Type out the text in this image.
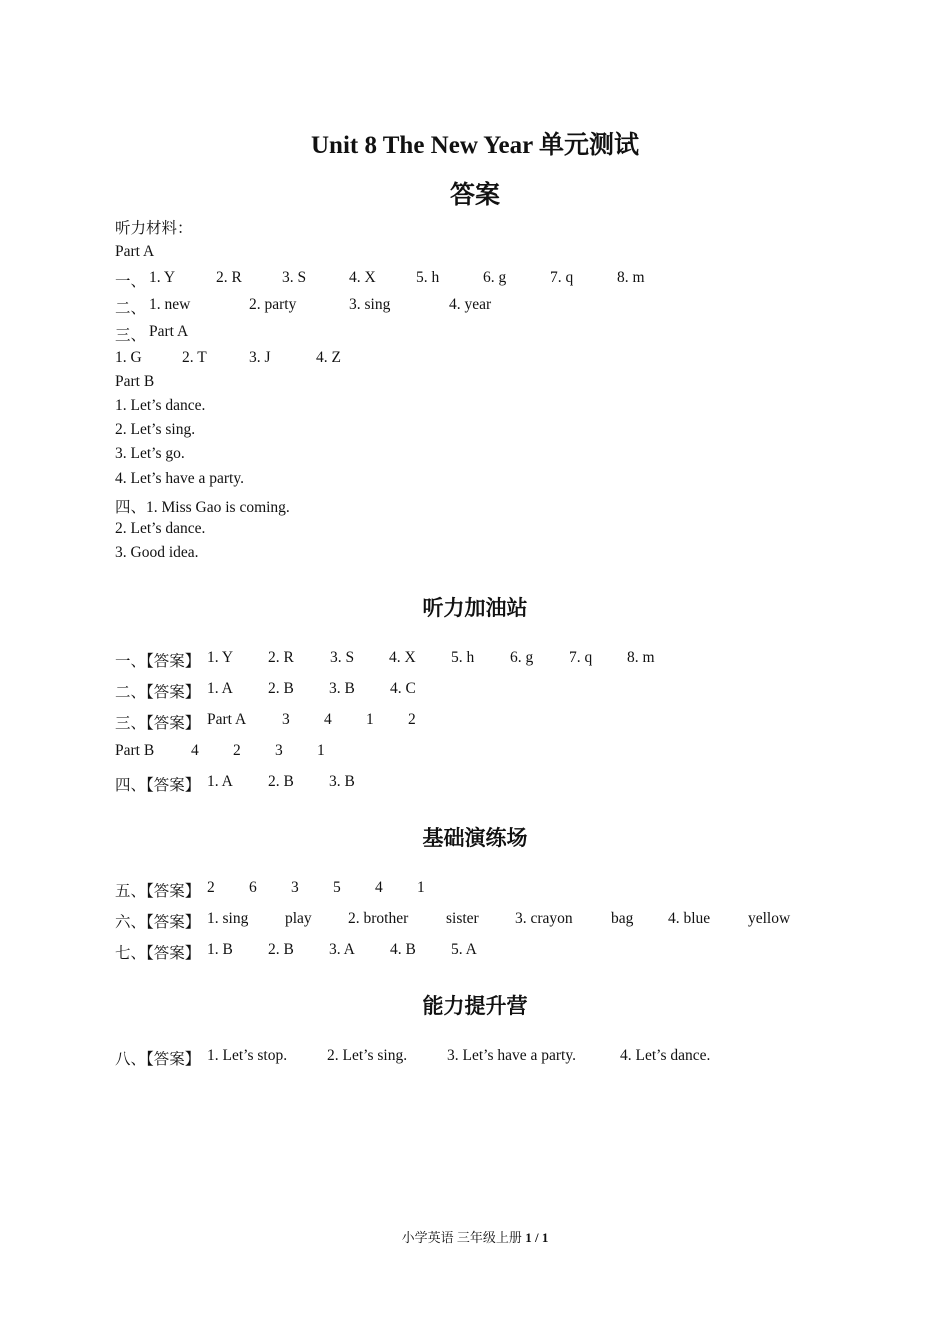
Unit 8 The New Year 单元测试
答案
听力材料：
Part A
一、 1. Y	2. R	3. S	4. X	5. h	6. g	7. q	8. m
二、 1. new	2. party	3. sing	4. year
三、 Part A
1. G	2. T	3. J	4. Z
Part B
1. Let’s dance.
2. Let’s sing.
3. Let’s go.
4. Let’s have a party.
四、1. Miss Gao is coming.
2. Let’s dance.
3. Good idea.
听力加油站
一、【答案】 1. Y 2. R 3. S 4. X 5. h 6. g 7. q 8. m
二、【答案】 1. A 2. B 3. B 4. C
三、【答案】 Part A 3 4 1 2
Part B 4 2 3 1
四、【答案】 1. A 2. B 3. B
基础演练场
五、【答案】 2 6 3 5 4 1
六、【答案】 1. sing play 2. brother sister 3. crayon bag 4. blue yellow
七、【答案】 1. B 2. B 3. A 4. B 5. A
能力提升营
八、【答案】 1. Let’s stop.	2. Let’s sing.	3. Let’s have a party.	4. Let’s dance.
小学英语 三年级上册 1 / 1
